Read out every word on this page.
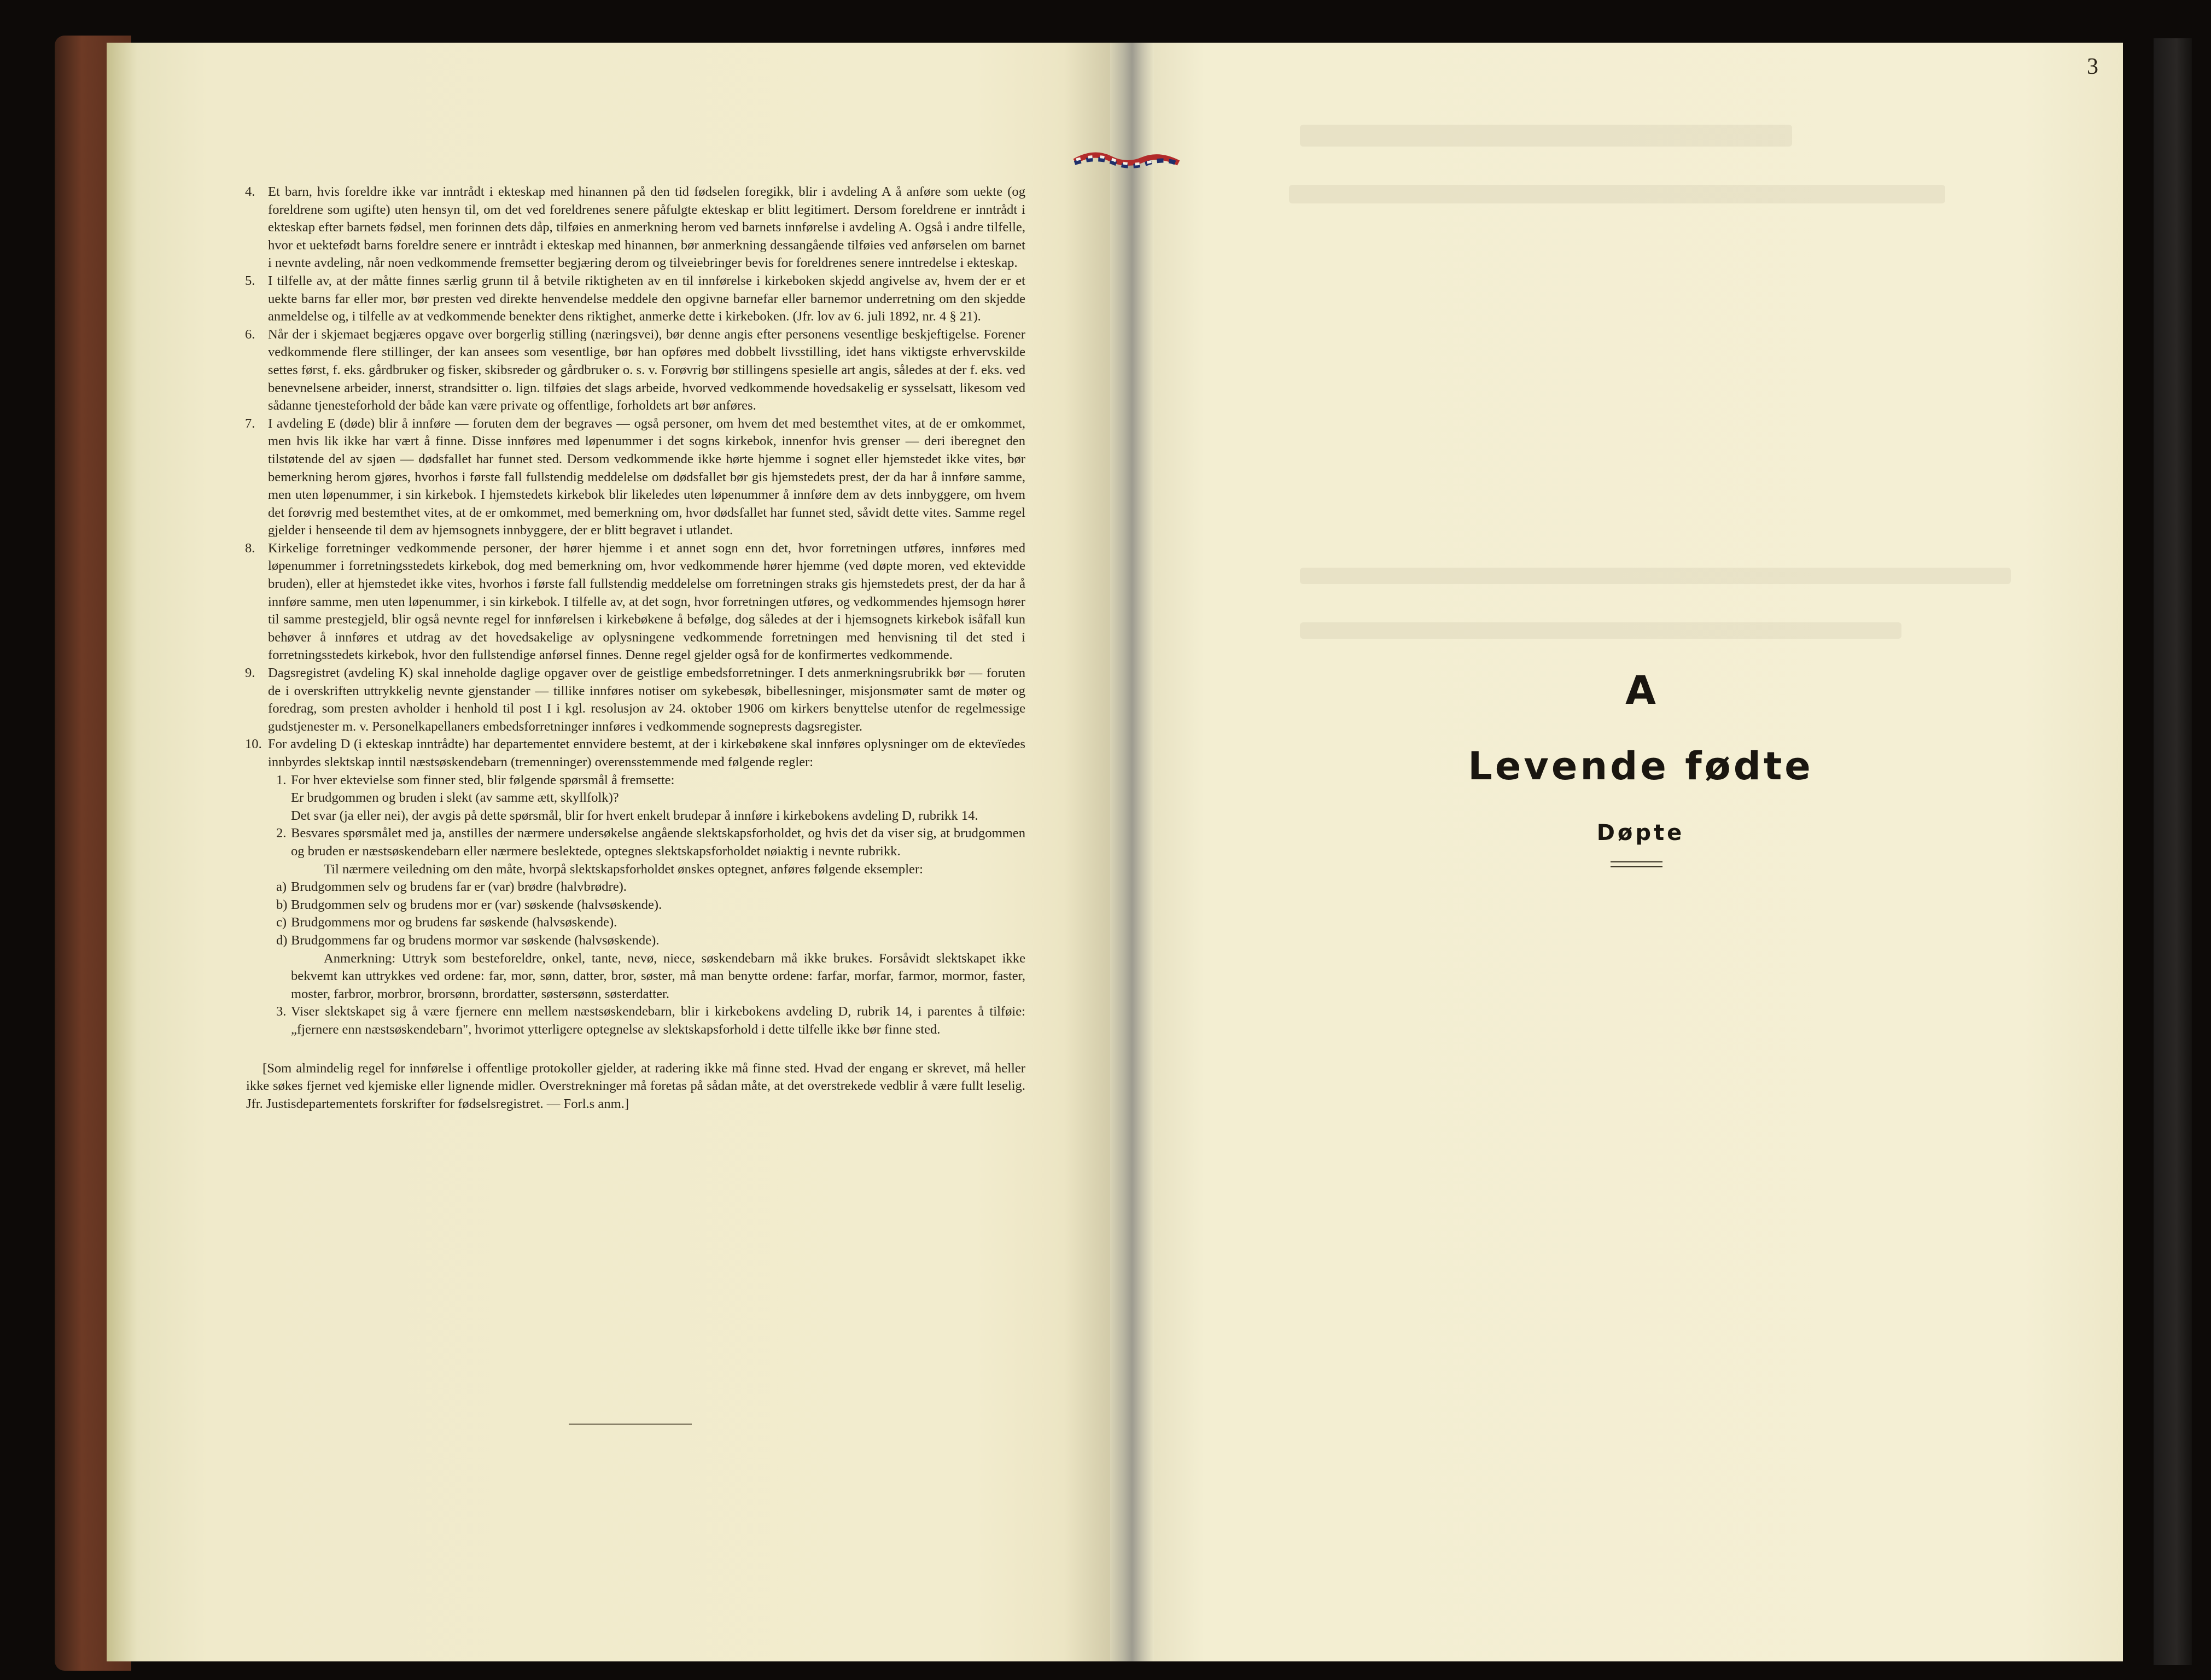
4. Et barn, hvis foreldre ikke var inntrådt i ekteskap med hinannen på den tid fødselen foregikk, blir i avdeling A å anføre som uekte (og foreldrene som ugifte) uten hensyn til, om det ved foreldrenes senere påfulgte ekteskap er blitt legitimert. Dersom foreldrene er inntrådt i ekteskap efter barnets fødsel, men forinnen dets dåp, tilføies en anmerkning herom ved barnets innførelse i avdeling A. Også i andre tilfelle, hvor et uektefødt barns foreldre senere er inntrådt i ekteskap med hinannen, bør anmerkning dessangående tilføies ved anførselen om barnet i nevnte avdeling, når noen vedkommende fremsetter begjæring derom og tilveiebringer bevis for foreldrenes senere inntredelse i ekteskap.
5. I tilfelle av, at der måtte finnes særlig grunn til å betvile riktigheten av en til innførelse i kirkeboken skjedd angivelse av, hvem der er et uekte barns far eller mor, bør presten ved direkte henvendelse meddele den opgivne barnefar eller barnemor underretning om den skjedde anmeldelse og, i tilfelle av at vedkommende benekter dens riktighet, anmerke dette i kirkeboken. (Jfr. lov av 6. juli 1892, nr. 4 § 21).
6. Når der i skjemaet begjæres opgave over borgerlig stilling (næringsvei), bør denne angis efter personens vesentlige beskjeftigelse. Forener vedkommende flere stillinger, der kan ansees som vesentlige, bør han opføres med dobbelt livsstilling, idet hans viktigste erhvervskilde settes først, f. eks. gårdbruker og fisker, skibsreder og gårdbruker o. s. v. Forøvrig bør stillingens spesielle art angis, således at der f. eks. ved benevnelsene arbeider, innerst, strandsitter o. lign. tilføies det slags arbeide, hvorved vedkommende hovedsakelig er sysselsatt, likesom ved sådanne tjenesteforhold der både kan være private og offentlige, forholdets art bør anføres.
7. I avdeling E (døde) blir å innføre — foruten dem der begraves — også personer, om hvem det med bestemthet vites, at de er omkommet, men hvis lik ikke har vært å finne. Disse innføres med løpenummer i det sogns kirkebok, innenfor hvis grenser — deri iberegnet den tilstøtende del av sjøen — dødsfallet har funnet sted. Dersom vedkommende ikke hørte hjemme i sognet eller hjemstedet ikke vites, bør bemerkning herom gjøres, hvorhos i første fall fullstendig meddelelse om dødsfallet bør gis hjemstedets prest, der da har å innføre samme, men uten løpenummer, i sin kirkebok. I hjemstedets kirkebok blir likeledes uten løpenummer å innføre dem av dets innbyggere, om hvem det forøvrig med bestemthet vites, at de er omkommet, med bemerkning om, hvor dødsfallet har funnet sted, såvidt dette vites. Samme regel gjelder i henseende til dem av hjemsognets innbyggere, der er blitt begravet i utlandet.
8. Kirkelige forretninger vedkommende personer, der hører hjemme i et annet sogn enn det, hvor forretningen utføres, innføres med løpenummer i forretningsstedets kirkebok, dog med bemerkning om, hvor vedkommende hører hjemme (ved døpte moren, ved ektevidde bruden), eller at hjemstedet ikke vites, hvorhos i første fall fullstendig meddelelse om forretningen straks gis hjemstedets prest, der da har å innføre samme, men uten løpenummer, i sin kirkebok. I tilfelle av, at det sogn, hvor forretningen utføres, og vedkommendes hjemsogn hører til samme prestegjeld, blir også nevnte regel for innførelsen i kirkebøkene å befølge, dog således at der i hjemsognets kirkebok isåfall kun behøver å innføres et utdrag av det hovedsakelige av oplysningene vedkommende forretningen med henvisning til det sted i forretningsstedets kirkebok, hvor den fullstendige anførsel finnes. Denne regel gjelder også for de konfirmertes vedkommende.
9. Dagsregistret (avdeling K) skal inneholde daglige opgaver over de geistlige embedsforretninger. I dets anmerkningsrubrikk bør — foruten de i overskriften uttrykkelig nevnte gjenstander — tillike innføres notiser om sykebesøk, bibellesninger, misjonsmøter samt de møter og foredrag, som presten avholder i henhold til post I i kgl. resolusjon av 24. oktober 1906 om kirkers benyttelse utenfor de regelmessige gudstjenester m. v. Personelkapellaners embedsforretninger innføres i vedkommende sogneprests dagsregister.
10. For avdeling D (i ekteskap inntrådte) har departementet ennvidere bestemt, at der i kirkebøkene skal innføres oplysninger om de ektevïedes innbyrdes slektskap inntil næstsøskendebarn (tremenninger) overensstemmende med følgende regler:
1. For hver ektevielse som finner sted, blir følgende spørsmål å fremsette:
Er brudgommen og bruden i slekt (av samme ætt, skyllfolk)?
Det svar (ja eller nei), der avgis på dette spørsmål, blir for hvert enkelt brudepar å innføre i kirkebokens avdeling D, rubrikk 14.
2. Besvares spørsmålet med ja, anstilles der nærmere undersøkelse angående slektskapsforholdet, og hvis det da viser sig, at brudgommen og bruden er næstsøskendebarn eller nærmere beslektede, optegnes slektskapsforholdet nøiaktig i nevnte rubrikk.
Til nærmere veiledning om den måte, hvorpå slektskapsforholdet ønskes optegnet, anføres følgende eksempler:
a) Brudgommen selv og brudens far er (var) brødre (halvbrødre).
b) Brudgommen selv og brudens mor er (var) søskende (halvsøskende).
c) Brudgommens mor og brudens far søskende (halvsøskende).
d) Brudgommens far og brudens mormor var søskende (halvsøskende).
Anmerkning: Uttryk som besteforeldre, onkel, tante, nevø, niece, søskendebarn må ikke brukes. Forsåvidt slektskapet ikke bekvemt kan uttrykkes ved ordene: far, mor, sønn, datter, bror, søster, må man benytte ordene: farfar, morfar, farmor, mormor, faster, moster, farbror, morbror, brorsønn, brordatter, søstersønn, søsterdatter.
3. Viser slektskapet sig å være fjernere enn mellem næstsøskendebarn, blir i kirkebokens avdeling D, rubrik 14, i parentes å tilføie: „fjernere enn næstsøskendebarn", hvorimot ytterligere optegnelse av slektskapsforhold i dette tilfelle ikke bør finne sted.
[Som almindelig regel for innførelse i offentlige protokoller gjelder, at radering ikke må finne sted. Hvad der engang er skrevet, må heller ikke søkes fjernet ved kjemiske eller lignende midler. Overstrekninger må foretas på sådan måte, at det overstrekede vedblir å være fullt leselig. Jfr. Justisdepartementets forskrifter for fødselsregistret. — Forl.s anm.]
3
A
Levende fødte
Døpte
